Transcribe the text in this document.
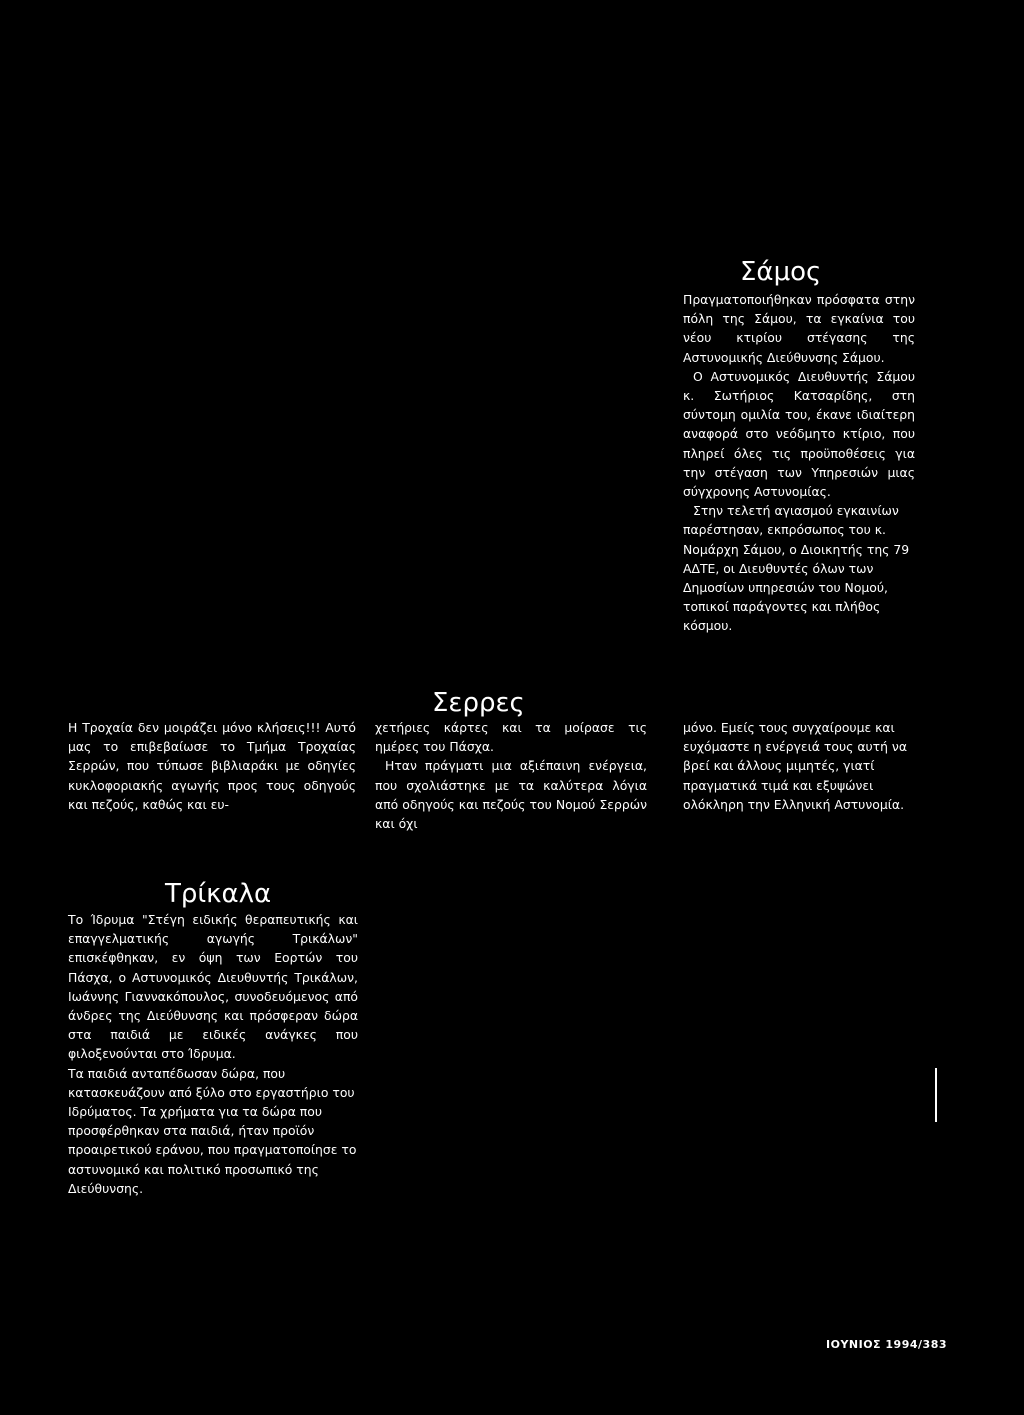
Σάμος

Πραγματοποιήθηκαν πρόσφατα στην πόλη της Σάμου, τα εγκαίνια του νέου κτιρίου στέγασης της Αστυνομικής Διεύθυνσης Σάμου.

Ο Αστυνομικός Διευθυντής Σάμου κ. Σωτήριος Κατσαρίδης, στη σύντομη ομιλία του, έκανε ιδιαίτερη αναφορά στο νεόδμητο κτίριο, που πληρεί όλες τις προϋποθέσεις για την στέγαση των Υπηρεσιών μιας σύγχρονης Αστυνομίας.

Στην τελετή αγιασμού εγκαινίων παρέστησαν, εκπρόσωπος του κ. Νομάρχη Σάμου, ο Διοικητής της 79 ΑΔΤΕ, οι Διευθυντές όλων των Δημοσίων υπηρεσιών του Νομού, τοπικοί παράγοντες και πλήθος κόσμου.

Σερρες

Η Τροχαία δεν μοιράζει μόνο κλήσεις!!! Αυτό μας το επιβεβαίωσε το Τμήμα Τροχαίας Σερρών, που τύπωσε βιβλιαράκι με οδηγίες κυκλοφοριακής αγωγής προς τους οδηγούς και πεζούς, καθώς και ευ-

χετήριες κάρτες και τα μοίρασε τις ημέρες του Πάσχα.

Ηταν πράγματι μια αξιέπαινη ενέργεια, που σχολιάστηκε με τα καλύτερα λόγια από οδηγούς και πεζούς του Νομού Σερρών και όχι

μόνο. Εμείς τους συγχαίρουμε και ευχόμαστε η ενέργειά τους αυτή να βρεί και άλλους μιμητές, γιατί πραγματικά τιμά και εξυψώνει ολόκληρη την Ελληνική Αστυνομία.

Τρίκαλα

Το Ίδρυμα "Στέγη ειδικής θεραπευτικής και επαγγελματικής αγωγής Τρικάλων" επισκέφθηκαν, εν όψη των Εορτών του Πάσχα, ο Αστυνομικός Διευθυντής Τρικάλων, Ιωάννης Γιαννακόπουλος, συνοδευόμενος από άνδρες της Διεύθυνσης και πρόσφεραν δώρα στα παιδιά με ειδικές ανάγκες που φιλοξενούνται στο Ίδρυμα.

Τα παιδιά ανταπέδωσαν δώρα, που κατασκευάζουν από ξύλο στο εργαστήριο του Ιδρύματος. Τα χρήματα για τα δώρα που προσφέρθηκαν στα παιδιά, ήταν προϊόν προαιρετικού εράνου, που πραγματοποίησε το αστυνομικό και πολιτικό προσωπικό της Διεύθυνσης.

ΙΟΥΝΙΟΣ 1994/383
